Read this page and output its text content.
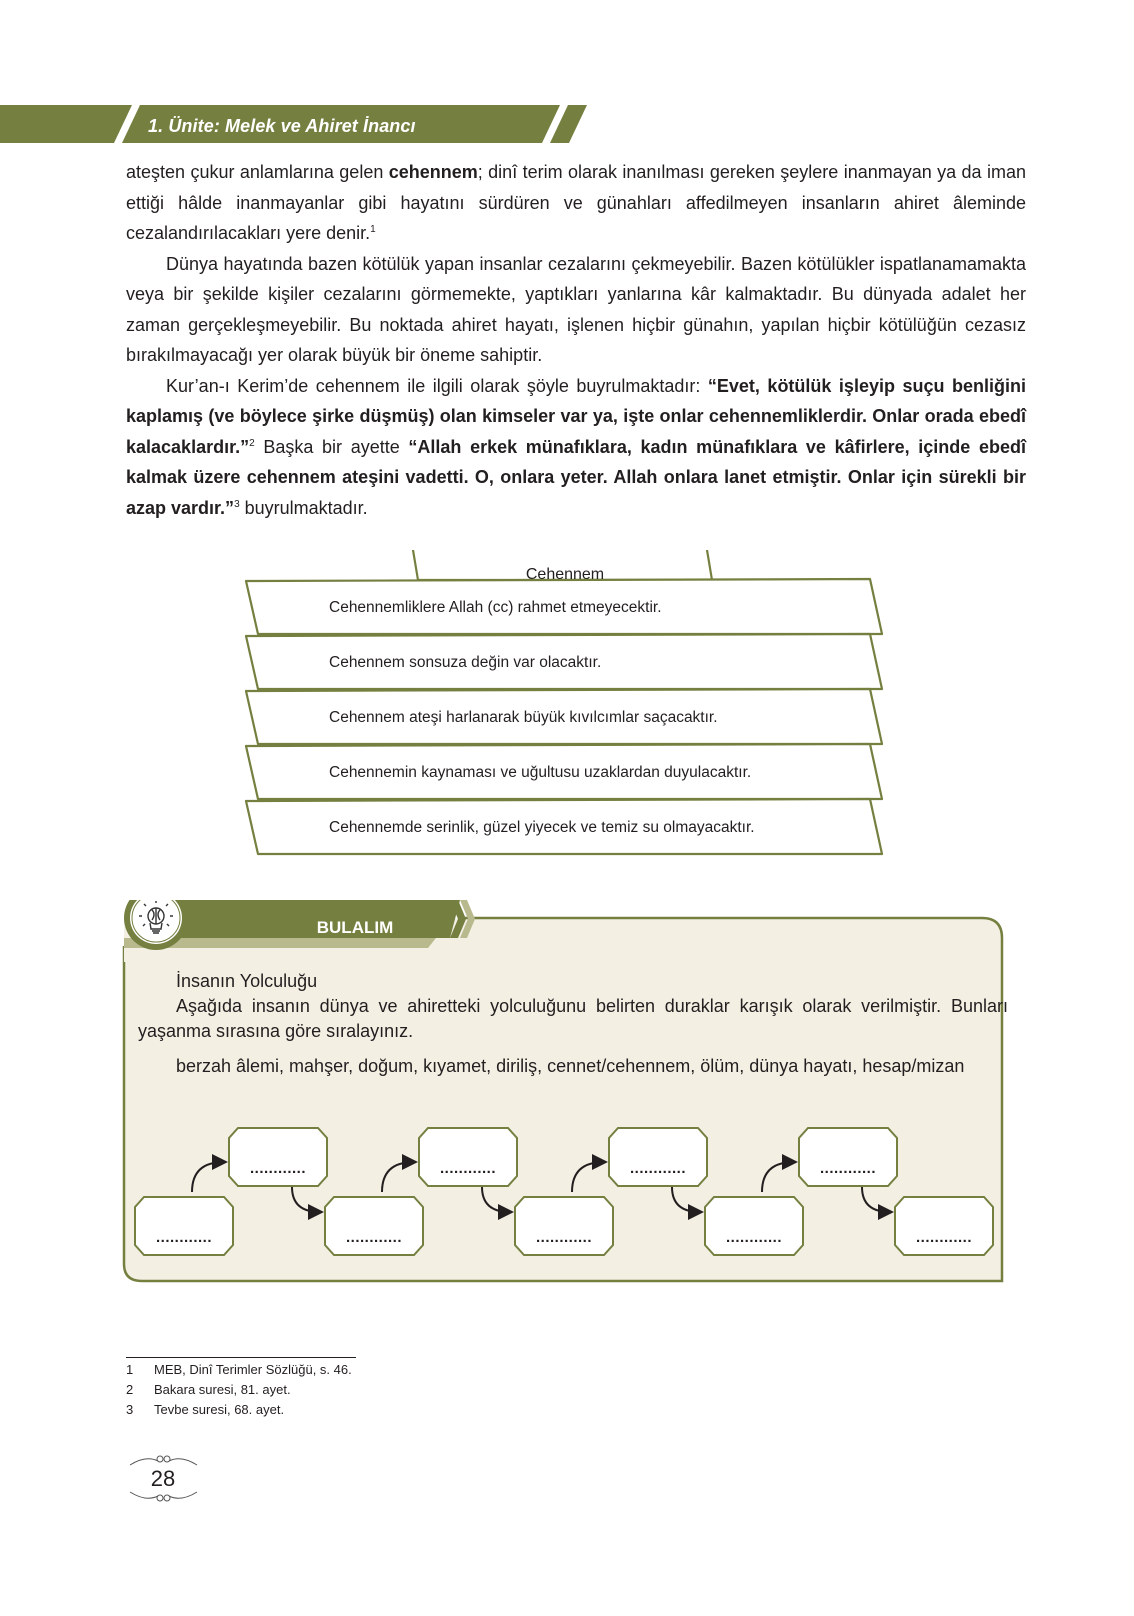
1. Ünite: Melek ve Ahiret İnancı

ateşten çukur anlamlarına gelen cehennem; dinî terim olarak inanılması gereken şeylere inanmayan ya da iman ettiği hâlde inanmayanlar gibi hayatını sürdüren ve günahları affedilmeyen insanların ahiret âleminde cezalandırılacakları yere denir.$^1$

Dünya hayatında bazen kötülük yapan insanlar cezalarını çekmeyebilir. Bazen kötülükler ispatlanamamakta veya bir şekilde kişiler cezalarını görmemekte, yaptıkları yanlarına kâr kalmaktadır. Bu dünyada adalet her zaman gerçekleşmeyebilir. Bu noktada ahiret hayatı, işlenen hiçbir günahın, yapılan hiçbir kötülüğün cezasız bırakılmayacağı yer olarak büyük bir öneme sahiptir.

Kur’an-ı Kerim’de cehennem ile ilgili olarak şöyle buyrulmaktadır: “Evet, kötülük işleyip suçu benliğini kaplamış (ve böylece şirke düşmüş) olan kimseler var ya, işte onlar cehennemliklerdir. Onlar orada ebedî kalacaklardır.”$^2$ Başka bir ayette “Allah erkek münafıklara, kadın münafıklara ve kâfirlere, içinde ebedî kalmak üzere cehennem ateşini vadetti. O, onlara yeter. Allah onlara lanet etmiştir. Onlar için sürekli bir azap vardır.”$^3$ buyrulmaktadır.

Cehennem
Cehennemliklere Allah (cc) rahmet etmeyecektir.
Cehennem sonsuza değin var olacaktır.
Cehennem ateşi harlanarak büyük kıvılcımlar saçacaktır.
Cehennemin kaynaması ve uğultusu uzaklardan duyulacaktır.
Cehennemde serinlik, güzel yiyecek ve temiz su olmayacaktır.
BULALIM

İnsanın Yolculuğu

Aşağıda insanın dünya ve ahiretteki yolculuğunu belirten duraklar karışık olarak verilmiştir. Bunları yaşanma sırasına göre sıralayınız.

berzah âlemi, mahşer, doğum, kıyamet, diriliş, cennet/cehennem, ölüm, dünya hayatı, hesap/mizan

............
............
............
............
............
............
............
............
............
1	MEB, Dinî Terimler Sözlüğü, s. 46.
2	Bakara suresi, 81. ayet.
3	Tevbe suresi, 68. ayet.
28
